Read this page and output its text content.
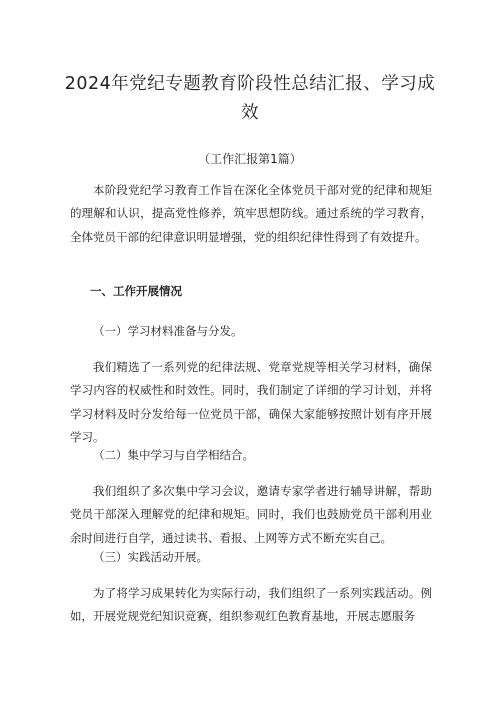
2024年党纪专题教育阶段性总结汇报、学习成效
（工作汇报第1篇）

本阶段党纪学习教育工作旨在深化全体党员干部对党的纪律和规矩的理解和认识，提高党性修养，筑牢思想防线。通过系统的学习教育，全体党员干部的纪律意识明显增强，党的组织纪律性得到了有效提升。

一、工作开展情况

（一）学习材料准备与分发。

我们精选了一系列党的纪律法规、党章党规等相关学习材料，确保学习内容的权威性和时效性。同时，我们制定了详细的学习计划，并将学习材料及时分发给每一位党员干部，确保大家能够按照计划有序开展学习。

（二）集中学习与自学相结合。

我们组织了多次集中学习会议，邀请专家学者进行辅导讲解，帮助党员干部深入理解党的纪律和规矩。同时，我们也鼓励党员干部利用业余时间进行自学，通过读书、看报、上网等方式不断充实自己。

（三）实践活动开展。

为了将学习成果转化为实际行动，我们组织了一系列实践活动。例如，开展党规党纪知识竞赛，组织参观红色教育基地，开展志愿服务
